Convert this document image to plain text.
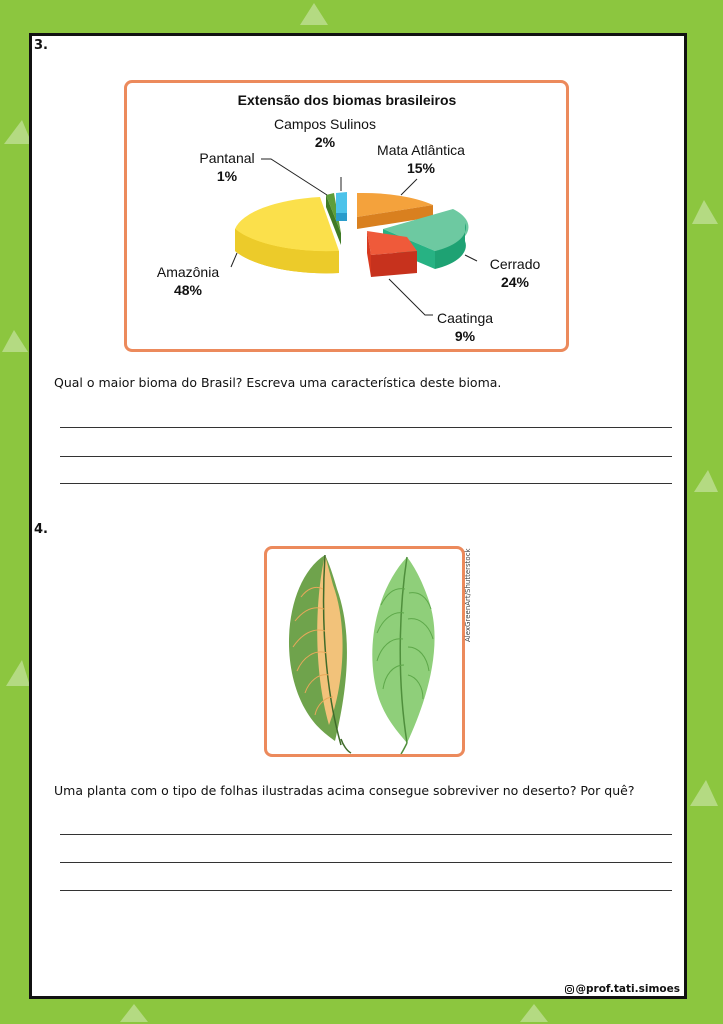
3.
Extensão dos biomas brasileiros
Campos Sulinos
2%
Pantanal
1%
Mata Atlântica
15%
Amazônia
48%
Cerrado
24%
Caatinga
9%
Qual o maior bioma do Brasil? Escreva uma característica deste bioma.
4.
AlexGreenArt/Shutterstock
Uma planta com o tipo de folhas ilustradas acima consegue sobreviver no deserto? Por quê?
@prof.tati.simoes
